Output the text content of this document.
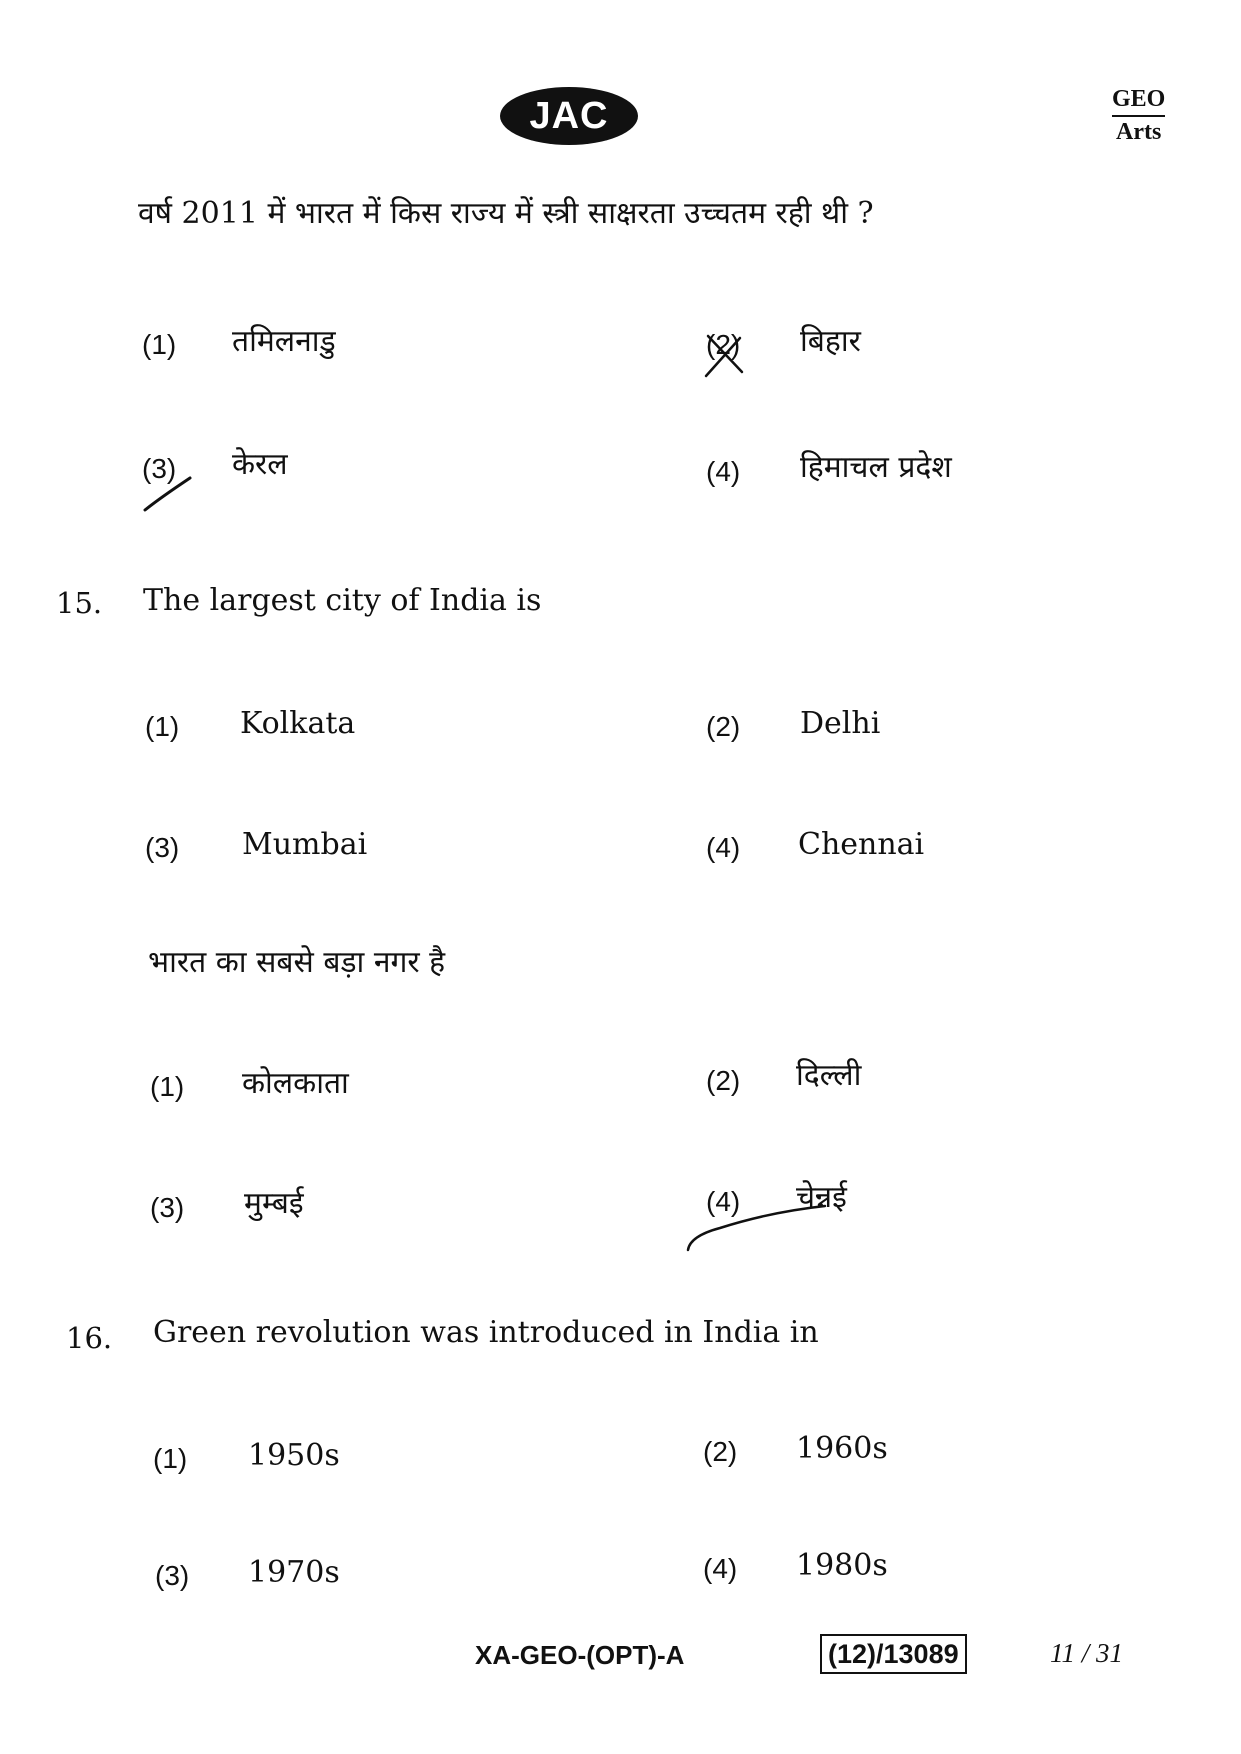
JAC	GEO
Arts
वर्ष 2011 में भारत में किस राज्य में स्त्री साक्षरता उच्चतम रही थी ?
(1) तमिलनाडु	(2) बिहार
(3) केरल	(4) हिमाचल प्रदेश
15. The largest city of India is
(1) Kolkata	(2) Delhi
(3) Mumbai	(4) Chennai
भारत का सबसे बड़ा नगर है
(1) कोलकाता	(2) दिल्ली
(3) मुम्बई	(4) चेन्नई
16. Green revolution was introduced in India in
(1) 1950s	(2) 1960s
(3) 1970s	(4) 1980s
XA-GEO-(OPT)-A	(12)/13089	11 / 31
